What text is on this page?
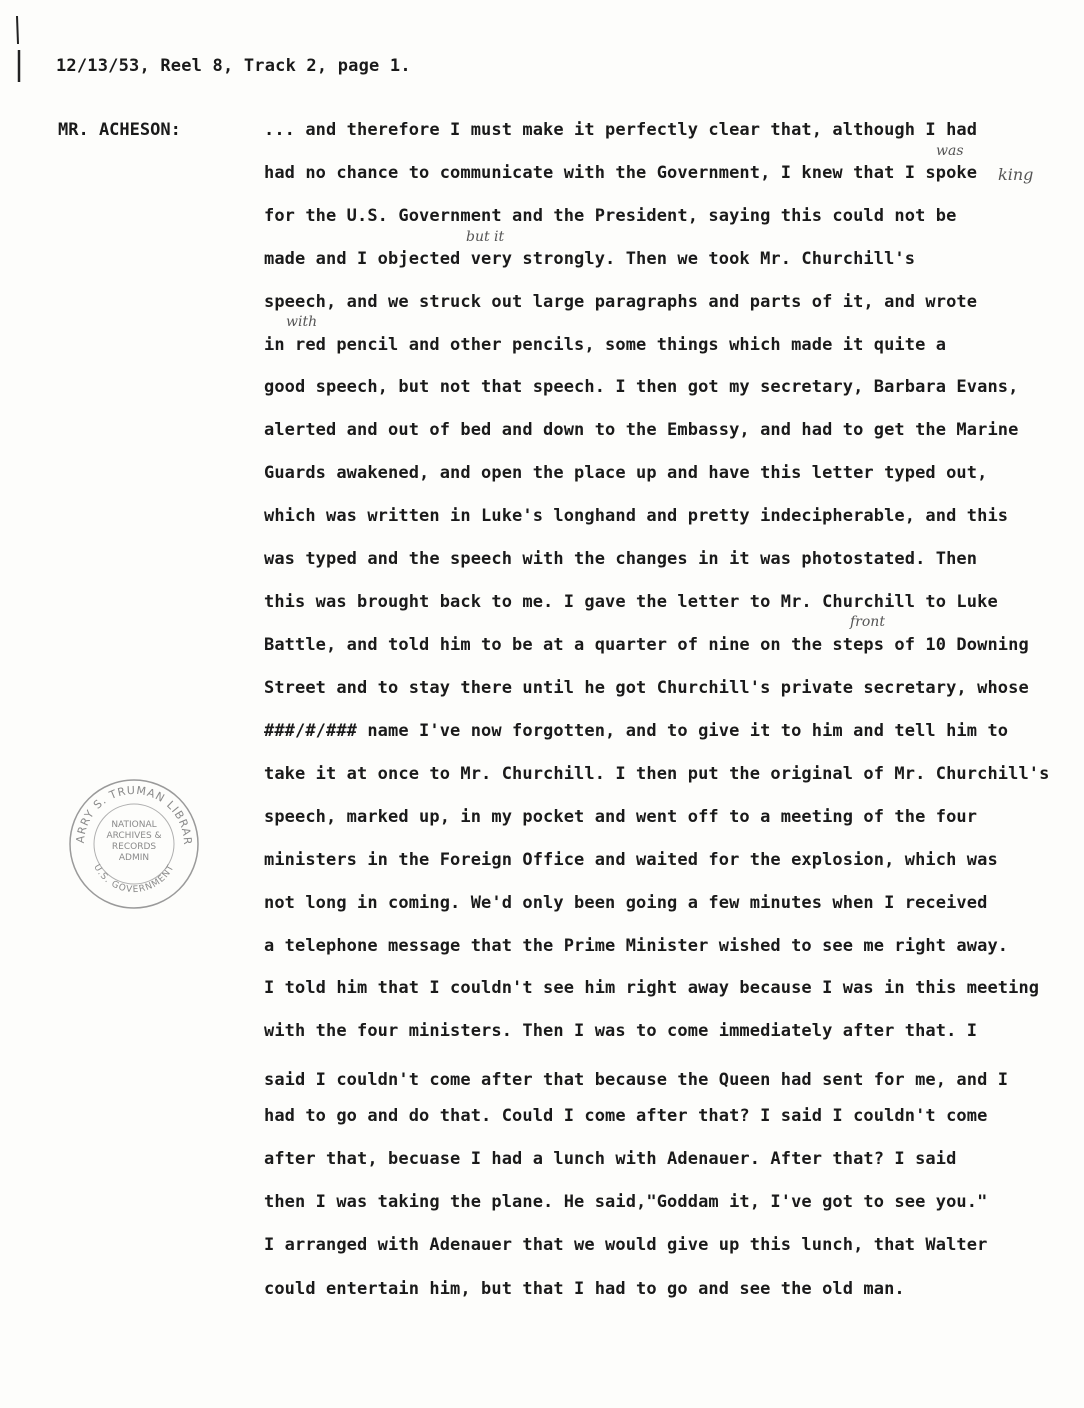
12/13/53, Reel 8, Track 2, page 1.
MR. ACHESON:	... and therefore I must make it perfectly clear that, although I had
had no chance to communicate with the Government, I knew that I spoke
for the U.S. Government and the President, saying this could not be
made and I objected very strongly. Then we took Mr. Churchill's
speech, and we struck out large paragraphs and parts of it, and wrote
in red pencil and other pencils, some things which made it quite a
good speech, but not that speech. I then got my secretary, Barbara Evans,
alerted and out of bed and down to the Embassy, and had to get the Marine
Guards awakened, and open the place up and have this letter typed out,
which was written in Luke's longhand and pretty indecipherable, and this
was typed and the speech with the changes in it was photostated. Then
this was brought back to me. I gave the letter to Mr. Churchill to Luke
Battle, and told him to be at a quarter of nine on the steps of 10 Downing
Street and to stay there until he got Churchill's private secretary, whose
###/#/### name I've now forgotten, and to give it to him and tell him to
take it at once to Mr. Churchill. I then put the original of Mr. Churchill's
speech, marked up, in my pocket and went off to a meeting of the four
ministers in the Foreign Office and waited for the explosion, which was
not long in coming. We'd only been going a few minutes when I received
a telephone message that the Prime Minister wished to see me right away.
I told him that I couldn't see him right away because I was in this meeting
with the four ministers. Then I was to come immediately after that. I
said I couldn't come after that because the Queen had sent for me, and I
had to go and do that. Could I come after that? I said I couldn't come
after that, becuase I had a lunch with Adenauer. After that? I said
then I was taking the plane. He said,"Goddam it, I've got to see you."
I arranged with Adenauer that we would give up this lunch, that Walter
could entertain him, but that I had to go and see the old man.
was
king
but it
with
front
ARRY S. TRUMAN LIBRAR
U.S. GOVERNMENT
NATIONAL
ARCHIVES &
RECORDS
ADMIN
